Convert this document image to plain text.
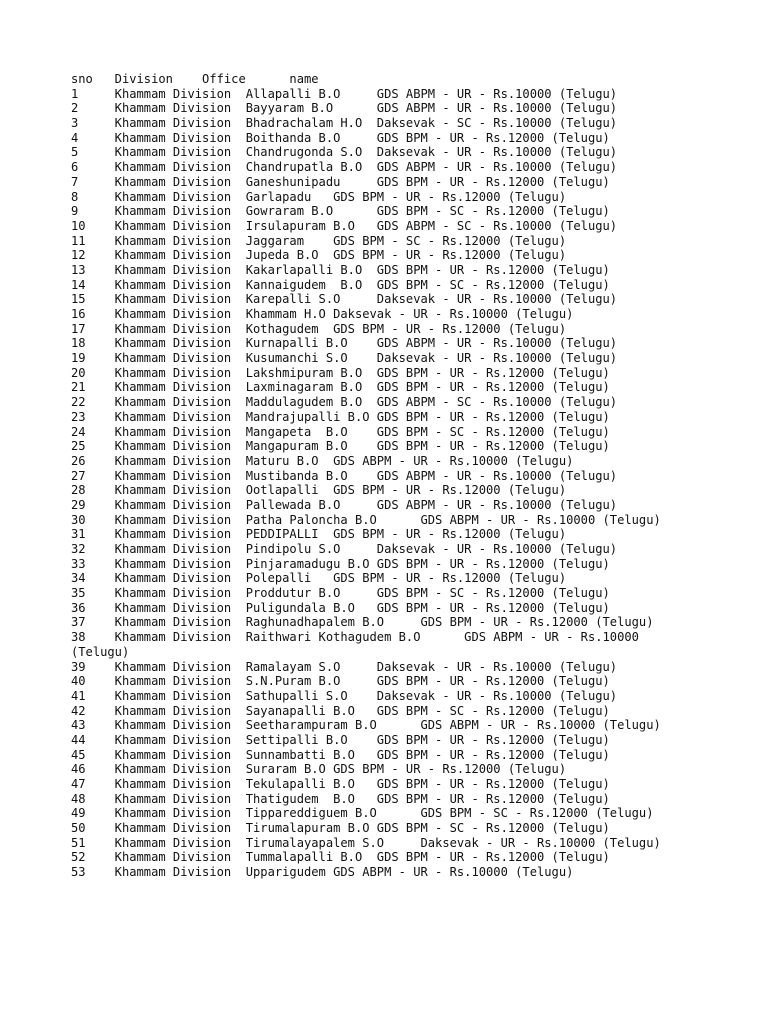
sno   Division    Office      name
1     Khammam Division  Allapalli B.O     GDS ABPM - UR - Rs.10000 (Telugu)
2     Khammam Division  Bayyaram B.O      GDS ABPM - UR - Rs.10000 (Telugu)
3     Khammam Division  Bhadrachalam H.O  Daksevak - SC - Rs.10000 (Telugu)
4     Khammam Division  Boithanda B.O     GDS BPM - UR - Rs.12000 (Telugu)
5     Khammam Division  Chandrugonda S.O  Daksevak - UR - Rs.10000 (Telugu)
6     Khammam Division  Chandrupatla B.O  GDS ABPM - UR - Rs.10000 (Telugu)
7     Khammam Division  Ganeshunipadu     GDS BPM - UR - Rs.12000 (Telugu)
8     Khammam Division  Garlapadu   GDS BPM - UR - Rs.12000 (Telugu)
9     Khammam Division  Gowraram B.O      GDS BPM - SC - Rs.12000 (Telugu)
10    Khammam Division  Irsulapuram B.O   GDS ABPM - SC - Rs.10000 (Telugu)
11    Khammam Division  Jaggaram    GDS BPM - SC - Rs.12000 (Telugu)
12    Khammam Division  Jupeda B.O  GDS BPM - UR - Rs.12000 (Telugu)
13    Khammam Division  Kakarlapalli B.O  GDS BPM - UR - Rs.12000 (Telugu)
14    Khammam Division  Kannaigudem  B.O  GDS BPM - SC - Rs.12000 (Telugu)
15    Khammam Division  Karepalli S.O     Daksevak - UR - Rs.10000 (Telugu)
16    Khammam Division  Khammam H.O Daksevak - UR - Rs.10000 (Telugu)
17    Khammam Division  Kothagudem  GDS BPM - UR - Rs.12000 (Telugu)
18    Khammam Division  Kurnapalli B.O    GDS ABPM - UR - Rs.10000 (Telugu)
19    Khammam Division  Kusumanchi S.O    Daksevak - UR - Rs.10000 (Telugu)
20    Khammam Division  Lakshmipuram B.O  GDS BPM - UR - Rs.12000 (Telugu)
21    Khammam Division  Laxminagaram B.O  GDS BPM - UR - Rs.12000 (Telugu)
22    Khammam Division  Maddulagudem B.O  GDS ABPM - SC - Rs.10000 (Telugu)
23    Khammam Division  Mandrajupalli B.O GDS BPM - UR - Rs.12000 (Telugu)
24    Khammam Division  Mangapeta  B.O    GDS BPM - SC - Rs.12000 (Telugu)
25    Khammam Division  Mangapuram B.O    GDS BPM - UR - Rs.12000 (Telugu)
26    Khammam Division  Maturu B.O  GDS ABPM - UR - Rs.10000 (Telugu)
27    Khammam Division  Mustibanda B.O    GDS ABPM - UR - Rs.10000 (Telugu)
28    Khammam Division  Ootlapalli  GDS BPM - UR - Rs.12000 (Telugu)
29    Khammam Division  Pallewada B.O     GDS ABPM - UR - Rs.10000 (Telugu)
30    Khammam Division  Patha Paloncha B.O      GDS ABPM - UR - Rs.10000 (Telugu)
31    Khammam Division  PEDDIPALLI  GDS BPM - UR - Rs.12000 (Telugu)
32    Khammam Division  Pindipolu S.O     Daksevak - UR - Rs.10000 (Telugu)
33    Khammam Division  Pinjaramadugu B.O GDS BPM - UR - Rs.12000 (Telugu)
34    Khammam Division  Polepalli   GDS BPM - UR - Rs.12000 (Telugu)
35    Khammam Division  Proddutur B.O     GDS BPM - SC - Rs.12000 (Telugu)
36    Khammam Division  Puligundala B.O   GDS BPM - UR - Rs.12000 (Telugu)
37    Khammam Division  Raghunadhapalem B.O     GDS BPM - UR - Rs.12000 (Telugu)
38    Khammam Division  Raithwari Kothagudem B.O      GDS ABPM - UR - Rs.10000
(Telugu)
39    Khammam Division  Ramalayam S.O     Daksevak - UR - Rs.10000 (Telugu)
40    Khammam Division  S.N.Puram B.O     GDS BPM - UR - Rs.12000 (Telugu)
41    Khammam Division  Sathupalli S.O    Daksevak - UR - Rs.10000 (Telugu)
42    Khammam Division  Sayanapalli B.O   GDS BPM - SC - Rs.12000 (Telugu)
43    Khammam Division  Seetharampuram B.O      GDS ABPM - UR - Rs.10000 (Telugu)
44    Khammam Division  Settipalli B.O    GDS BPM - UR - Rs.12000 (Telugu)
45    Khammam Division  Sunnambatti B.O   GDS BPM - UR - Rs.12000 (Telugu)
46    Khammam Division  Suraram B.O GDS BPM - UR - Rs.12000 (Telugu)
47    Khammam Division  Tekulapalli B.O   GDS BPM - UR - Rs.12000 (Telugu)
48    Khammam Division  Thatigudem  B.O   GDS BPM - UR - Rs.12000 (Telugu)
49    Khammam Division  Tippareddiguem B.O      GDS BPM - SC - Rs.12000 (Telugu)
50    Khammam Division  Tirumalapuram B.O GDS BPM - SC - Rs.12000 (Telugu)
51    Khammam Division  Tirumalayapalem S.O     Daksevak - UR - Rs.10000 (Telugu)
52    Khammam Division  Tummalapalli B.O  GDS BPM - UR - Rs.12000 (Telugu)
53    Khammam Division  Upparigudem GDS ABPM - UR - Rs.10000 (Telugu)
